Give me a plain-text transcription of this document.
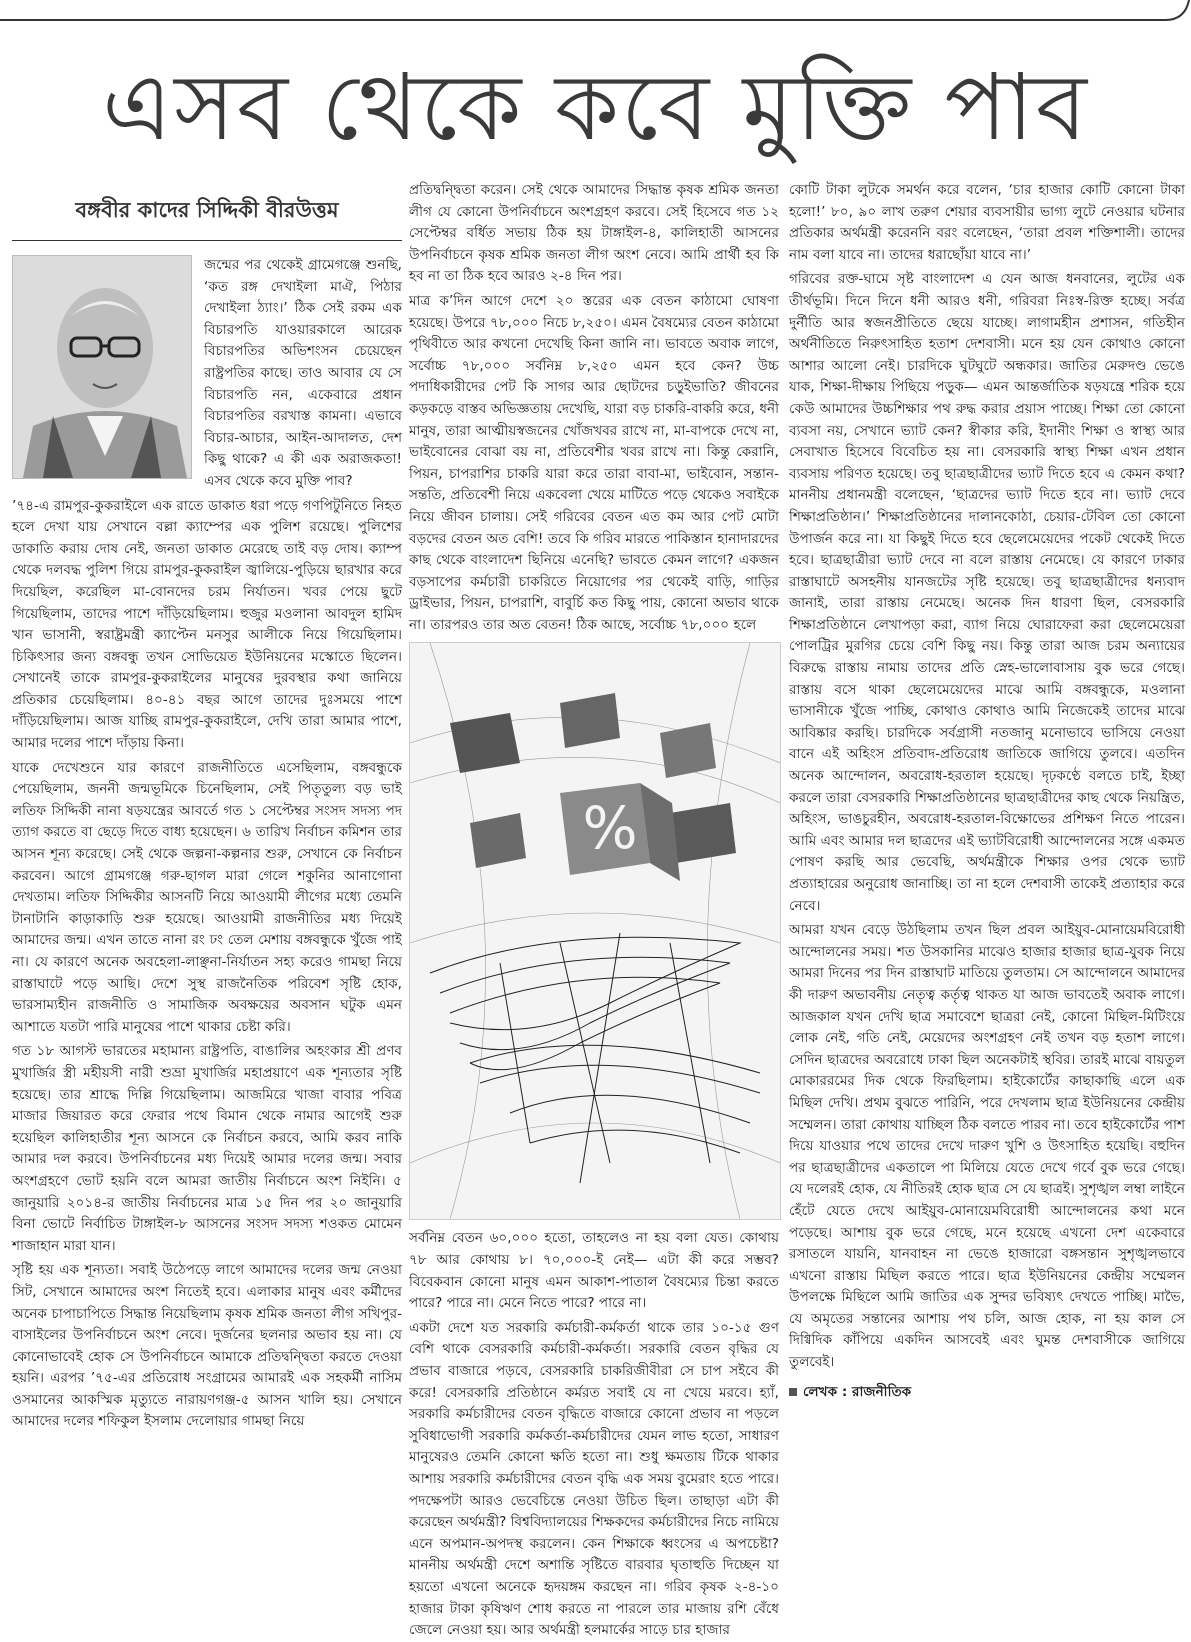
এসব থেকে কবে মুক্তি পাব
বঙ্গবীর কাদের সিদ্দিকী বীরউত্তম

জন্মের পর থেকেই গ্রামেগঞ্জে শুনছি, ‘কত রঙ্গ দেখাইলা মাঐ, পিঠার দেখাইলা ঠ্যাং।’ ঠিক সেই রকম এক বিচারপতি যাওয়ারকালে আরেক বিচারপতির অভিশংসন চেয়েছেন রাষ্ট্রপতির কাছে। তাও আবার যে সে বিচারপতি নন, একেবারে প্রধান বিচারপতির বরখাস্ত কামনা। এভাবে বিচার-আচার, আইন-আদালত, দেশ কিছু থাকে? এ কী এক অরাজকতা! এসব থেকে কবে মুক্তি পাব?

’৭৪-এ রামপুর-কুকরাইলে এক রাতে ডাকাত ধরা পড়ে গণপিটুনিতে নিহত হলে দেখা যায় সেখানে বল্লা ক্যাম্পের এক পুলিশ রয়েছে। পুলিশের ডাকাতি করায় দোষ নেই, জনতা ডাকাত মেরেছে তাই বড় দোষ। ক্যাম্প থেকে দলবদ্ধ পুলিশ গিয়ে রামপুর-কুকরাইল জ্বালিয়ে-পুড়িয়ে ছারখার করে দিয়েছিল, করেছিল মা-বোনদের চরম নির্যাতন। খবর পেয়ে ছুটে গিয়েছিলাম, তাদের পাশে দাঁড়িয়েছিলাম। হুজুর মওলানা আবদুল হামিদ খান ভাসানী, স্বরাষ্ট্রমন্ত্রী ক্যাপ্টেন মনসুর আলীকে নিয়ে গিয়েছিলাম। চিকিৎসার জন্য বঙ্গবন্ধু তখন সোভিয়েত ইউনিয়নের মস্কোতে ছিলেন। সেখানেই তাকে রামপুর-কুকরাইলের মানুষের দুরবস্থার কথা জানিয়ে প্রতিকার চেয়েছিলাম। ৪০-৪১ বছর আগে তাদের দুঃসময়ে পাশে দাঁড়িয়েছিলাম। আজ যাচ্ছি রামপুর-কুকরাইলে, দেখি তারা আমার পাশে, আমার দলের পাশে দাঁড়ায় কিনা।

যাকে দেখেশুনে যার কারণে রাজনীতিতে এসেছিলাম, বঙ্গবন্ধুকে পেয়েছিলাম, জননী জন্মভূমিকে চিনেছিলাম, সেই পিতৃতুল্য বড় ভাই লতিফ সিদ্দিকী নানা ষড়যন্ত্রের আবর্তে গত ১ সেপ্টেম্বর সংসদ সদস্য পদ ত্যাগ করতে বা ছেড়ে দিতে বাধ্য হয়েছেন। ৬ তারিখ নির্বাচন কমিশন তার আসন শূন্য করেছে। সেই থেকে জল্পনা-কল্পনার শুরু, সেখানে কে নির্বাচন করবেন। আগে গ্রামগঞ্জে গরু-ছাগল মারা গেলে শকুনির আনাগোনা দেখতাম। লতিফ সিদ্দিকীর আসনটি নিয়ে আওয়ামী লীগের মধ্যে তেমনি টানাটানি কাড়াকাড়ি শুরু হয়েছে। আওয়ামী রাজনীতির মধ্য দিয়েই আমাদের জন্ম। এখন তাতে নানা রং ঢং তেল মেশায় বঙ্গবন্ধুকে খুঁজে পাই না। যে কারণে অনেক অবহেলা-লাঞ্ছনা-নির্যাতন সহ্য করেও গামছা নিয়ে রাস্তাঘাটে পড়ে আছি। দেশে সুস্থ রাজনৈতিক পরিবেশ সৃষ্টি হোক, ভারসাম্যহীন রাজনীতি ও সামাজিক অবক্ষয়ের অবসান ঘটুক এমন আশাতে যতটা পারি মানুষের পাশে থাকার চেষ্টা করি।

গত ১৮ আগস্ট ভারতের মহামান্য রাষ্ট্রপতি, বাঙালির অহংকার শ্রী প্রণব মুখার্জির স্ত্রী মহীয়সী নারী শুভ্রা মুখার্জির মহাপ্রয়াণে এক শূন্যতার সৃষ্টি হয়েছে। তার শ্রাদ্ধে দিল্লি গিয়েছিলাম। আজমিরে খাজা বাবার পবিত্র মাজার জিয়ারত করে ফেরার পথে বিমান থেকে নামার আগেই শুরু হয়েছিল কালিহাতীর শূন্য আসনে কে নির্বাচন করবে, আমি করব নাকি আমার দল করবে। উপনির্বাচনের মধ্য দিয়েই আমার দলের জন্ম। সবার অংশগ্রহণে ভোট হয়নি বলে আমরা জাতীয় নির্বাচনে অংশ নিইনি। ৫ জানুয়ারি ২০১৪-র জাতীয় নির্বাচনের মাত্র ১৫ দিন পর ২০ জানুয়ারি বিনা ভোটে নির্বাচিত টাঙ্গাইল-৮ আসনের সংসদ সদস্য শওকত মোমেন শাজাহান মারা যান।

সৃষ্টি হয় এক শূন্যতা। সবাই উঠেপড়ে লাগে আমাদের দলের জন্ম নেওয়া সিট, সেখানে আমাদের অংশ নিতেই হবে। এলাকার মানুষ এবং কর্মীদের অনেক চাপাচাপিতে সিদ্ধান্ত নিয়েছিলাম কৃষক শ্রমিক জনতা লীগ সখিপুর-বাসাইলের উপনির্বাচনে অংশ নেবে। দুর্জনের ছলনার অভাব হয় না। যে কোনোভাবেই হোক সে উপনির্বাচনে আমাকে প্রতিদ্বন্দ্বিতা করতে দেওয়া হয়নি। এরপর ’৭৫-এর প্রতিরোধ সংগ্রামের আমারই এক সহকর্মী নাসিম ওসমানের আকস্মিক মৃত্যুতে নারায়ণগঞ্জ-৫ আসন খালি হয়। সেখানে আমাদের দলের শফিকুল ইসলাম দেলোয়ার গামছা নিয়ে

প্রতিদ্বন্দ্বিতা করেন। সেই থেকে আমাদের সিদ্ধান্ত কৃষক শ্রমিক জনতা লীগ যে কোনো উপনির্বাচনে অংশগ্রহণ করবে। সেই হিসেবে গত ১২ সেপ্টেম্বর বর্ধিত সভায় ঠিক হয় টাঙ্গাইল-৪, কালিহাতী আসনের উপনির্বাচনে কৃষক শ্রমিক জনতা লীগ অংশ নেবে। আমি প্রার্থী হব কি হব না তা ঠিক হবে আরও ২-৪ দিন পর।

মাত্র ক’দিন আগে দেশে ২০ স্তরের এক বেতন কাঠামো ঘোষণা হয়েছে। উপরে ৭৮,০০০ নিচে ৮,২৫০। এমন বৈষম্যের বেতন কাঠামো পৃথিবীতে আর কখনো দেখেছি কিনা জানি না। ভাবতে অবাক লাগে, সর্বোচ্চ ৭৮,০০০ সর্বনিম্ন ৮,২৫০ এমন হবে কেন? উচ্চ পদাধিকারীদের পেট কি সাগর আর ছোটদের চড়ুইভাতি? জীবনের কড়কড়ে বাস্তব অভিজ্ঞতায় দেখেছি, যারা বড় চাকরি-বাকরি করে, ধনী মানুষ, তারা আত্মীয়স্বজনের খোঁজখবর রাখে না, মা-বাপকে দেখে না, ভাইবোনের বোঝা বয় না, প্রতিবেশীর খবর রাখে না। কিন্তু কেরানি, পিয়ন, চাপরাশির চাকরি যারা করে তারা বাবা-মা, ভাইবোন, সন্তান-সন্ততি, প্রতিবেশী নিয়ে একবেলা খেয়ে মাটিতে পড়ে থেকেও সবাইকে নিয়ে জীবন চালায়। সেই গরিবের বেতন এত কম আর পেট মোটা বড়দের বেতন অত বেশি! তবে কি গরিব মারতে পাকিস্তান হানাদারদের কাছ থেকে বাংলাদেশ ছিনিয়ে এনেছি? ভাবতে কেমন লাগে? একজন বড়সাপের কর্মচারী চাকরিতে নিয়োগের পর থেকেই বাড়ি, গাড়ির ড্রাইভার, পিয়ন, চাপরাশি, বাবুর্চি কত কিছু পায়, কোনো অভাব থাকে না। তারপরও তার অত বেতন! ঠিক আছে, সর্বোচ্চ ৭৮,০০০ হলে

%

সর্বনিম্ন বেতন ৬০,০০০ হতো, তাহলেও না হয় বলা যেত। কোথায় ৭৮ আর কোথায় ৮। ৭০,০০০-ই নেই— এটা কী করে সম্ভব? বিবেকবান কোনো মানুষ এমন আকাশ-পাতাল বৈষম্যের চিন্তা করতে পারে? পারে না। মেনে নিতে পারে? পারে না।

একটা দেশে যত সরকারি কর্মচারী-কর্মকর্তা থাকে তার ১০-১৫ গুণ বেশি থাকে বেসরকারি কর্মচারী-কর্মকর্তা। সরকারি বেতন বৃদ্ধির যে প্রভাব বাজারে পড়বে, বেসরকারি চাকরিজীবীরা সে চাপ সইবে কী করে! বেসরকারি প্রতিষ্ঠানে কর্মরত সবাই যে না খেয়ে মরবে। হ্যাঁ, সরকারি কর্মচারীদের বেতন বৃদ্ধিতে বাজারে কোনো প্রভাব না পড়লে সুবিধাভোগী সরকারি কর্মকর্তা-কর্মচারীদের যেমন লাভ হতো, সাধারণ মানুষেরও তেমনি কোনো ক্ষতি হতো না। শুধু ক্ষমতায় টিকে থাকার আশায় সরকারি কর্মচারীদের বেতন বৃদ্ধি এক সময় বুমেরাং হতে পারে। পদক্ষেপটা আরও ভেবেচিন্তে নেওয়া উচিত ছিল। তাছাড়া এটা কী করেছেন অর্থমন্ত্রী? বিশ্ববিদ্যালয়ের শিক্ষকদের কর্মচারীদের নিচে নামিয়ে এনে অপমান-অপদস্থ করলেন। কেন শিক্ষাকে ধ্বংসের এ অপচেষ্টা? মাননীয় অর্থমন্ত্রী দেশে অশান্তি সৃষ্টিতে বারবার ঘৃতাহুতি দিচ্ছেন যা হয়তো এখনো অনেকে হৃদয়ঙ্গম করছেন না। গরিব কৃষক ২-৪-১০ হাজার টাকা কৃষিঋণ শোধ করতে না পারলে তার মাজায় রশি বেঁধে জেলে নেওয়া হয়। আর অর্থমন্ত্রী হলমার্কের সাড়ে চার হাজার

কোটি টাকা লুটকে সমর্থন করে বলেন, ‘চার হাজার কোটি কোনো টাকা হলো!’ ৮০, ৯০ লাখ তরুণ শেয়ার ব্যবসায়ীর ভাগ্য লুটে নেওয়ার ঘটনার প্রতিকার অর্থমন্ত্রী করেননি বরং বলেছেন, ‘তারা প্রবল শক্তিশালী। তাদের নাম বলা যাবে না। তাদের ধরাছোঁয়া যাবে না।’

গরিবের রক্ত-ঘামে সৃষ্ট বাংলাদেশ এ যেন আজ ধনবানের, লুটের এক তীর্থভূমি। দিনে দিনে ধনী আরও ধনী, গরিবরা নিঃস্ব-রিক্ত হচ্ছে। সর্বত্র দুর্নীতি আর স্বজনপ্রীতিতে ছেয়ে যাচ্ছে। লাগামহীন প্রশাসন, গতিহীন অর্থনীতিতে নিরুৎসাহিত হতাশ দেশবাসী। মনে হয় যেন কোথাও কোনো আশার আলো নেই। চারদিকে ঘুটঘুটে অন্ধকার। জাতির মেরুদণ্ড ভেঙে যাক, শিক্ষা-দীক্ষায় পিছিয়ে পড়ুক— এমন আন্তর্জাতিক ষড়যন্ত্রে শরিক হয়ে কেউ আমাদের উচ্চশিক্ষার পথ রুদ্ধ করার প্রয়াস পাচ্ছে। শিক্ষা তো কোনো ব্যবসা নয়, সেখানে ভ্যাট কেন? স্বীকার করি, ইদানীং শিক্ষা ও স্বাস্থ্য আর সেবাখাত হিসেবে বিবেচিত হয় না। বেসরকারি স্বাস্থ্য শিক্ষা এখন প্রধান ব্যবসায় পরিণত হয়েছে। তবু ছাত্রছাত্রীদের ভ্যাট দিতে হবে এ কেমন কথা? মাননীয় প্রধানমন্ত্রী বলেছেন, ‘ছাত্রদের ভ্যাট দিতে হবে না। ভ্যাট দেবে শিক্ষাপ্রতিষ্ঠান।’ শিক্ষাপ্রতিষ্ঠানের দালানকোঠা, চেয়ার-টেবিল তো কোনো উপার্জন করে না। যা কিছুই দিতে হবে ছেলেমেয়েদের পকেট থেকেই দিতে হবে। ছাত্রছাত্রীরা ভ্যাট দেবে না বলে রাস্তায় নেমেছে। যে কারণে ঢাকার রাস্তাঘাটে অসহনীয় যানজটের সৃষ্টি হয়েছে। তবু ছাত্রছাত্রীদের ধন্যবাদ জানাই, তারা রাস্তায় নেমেছে। অনেক দিন ধারণা ছিল, বেসরকারি শিক্ষাপ্রতিষ্ঠানে লেখাপড়া করা, ব্যাগ নিয়ে ঘোরাফেরা করা ছেলেমেয়েরা পোলট্রির মুরগির চেয়ে বেশি কিছু নয়। কিন্তু তারা আজ চরম অন্যায়ের বিরুদ্ধে রাস্তায় নামায় তাদের প্রতি স্নেহ-ভালোবাসায় বুক ভরে গেছে। রাস্তায় বসে থাকা ছেলেমেয়েদের মাঝে আমি বঙ্গবন্ধুকে, মওলানা ভাসানীকে খুঁজে পাচ্ছি, কোথাও কোথাও আমি নিজেকেই তাদের মাঝে আবিষ্কার করছি। চারদিকে সর্বগ্রাসী নতজানু মনোভাবে ভাসিয়ে নেওয়া বানে এই অহিংস প্রতিবাদ-প্রতিরোধ জাতিকে জাগিয়ে তুলবে। এতদিন অনেক আন্দোলন, অবরোধ-হরতাল হয়েছে। দৃঢ়কণ্ঠে বলতে চাই, ইচ্ছা করলে তারা বেসরকারি শিক্ষাপ্রতিষ্ঠানের ছাত্রছাত্রীদের কাছ থেকে নিয়ন্ত্রিত, অহিংস, ভাঙচুরহীন, অবরোধ-হরতাল-বিক্ষোভের প্রশিক্ষণ নিতে পারেন। আমি এবং আমার দল ছাত্রদের এই ভ্যাটবিরোধী আন্দোলনের সঙ্গে একমত পোষণ করছি আর ভেবেছি, অর্থমন্ত্রীকে শিক্ষার ওপর থেকে ভ্যাট প্রত্যাহারের অনুরোধ জানাচ্ছি। তা না হলে দেশবাসী তাকেই প্রত্যাহার করে নেবে।

আমরা যখন বেড়ে উঠছিলাম তখন ছিল প্রবল আইয়ুব-মোনায়েমবিরোধী আন্দোলনের সময়। শত উসকানির মাঝেও হাজার হাজার ছাত্র-যুবক নিয়ে আমরা দিনের পর দিন রাস্তাঘাট মাতিয়ে তুলতাম। সে আন্দোলনে আমাদের কী দারুণ অভাবনীয় নেতৃত্ব কর্তৃত্ব থাকত যা আজ ভাবতেই অবাক লাগে। আজকাল যখন দেখি ছাত্র সমাবেশে ছাত্ররা নেই, কোনো মিছিল-মিটিংয়ে লোক নেই, গতি নেই, মেয়েদের অংশগ্রহণ নেই তখন বড় হতাশ লাগে। সেদিন ছাত্রদের অবরোধে ঢাকা ছিল অনেকটাই স্থবির। তারই মাঝে বায়তুল মোকাররমের দিক থেকে ফিরছিলাম। হাইকোর্টের কাছাকাছি এলে এক মিছিল দেখি। প্রথম বুঝতে পারিনি, পরে দেখলাম ছাত্র ইউনিয়নের কেন্দ্রীয় সম্মেলন। তারা কোথায় যাচ্ছিল ঠিক বলতে পারব না। তবে হাইকোর্টের পাশ দিয়ে যাওয়ার পথে তাদের দেখে দারুণ খুশি ও উৎসাহিত হয়েছি। বহুদিন পর ছাত্রছাত্রীদের একতালে পা মিলিয়ে যেতে দেখে গর্বে বুক ভরে গেছে। যে দলেরই হোক, যে নীতিরই হোক ছাত্র সে যে ছাত্রই। সুশৃঙ্খল লম্বা লাইনে হেঁটে যেতে দেখে আইয়ুব-মোনায়েমবিরোধী আন্দোলনের কথা মনে পড়েছে। আশায় বুক ভরে গেছে, মনে হয়েছে এখনো দেশ একেবারে রসাতলে যায়নি, যানবাহন না ভেঙে হাজারো বঙ্গসন্তান সুশৃঙ্খলভাবে এখনো রাস্তায় মিছিল করতে পারে। ছাত্র ইউনিয়নের কেন্দ্রীয় সম্মেলন উপলক্ষে মিছিলে আমি জাতির এক সুন্দর ভবিষ্যৎ দেখতে পাচ্ছি। মাভৈ, যে অমৃতের সন্তানের আশায় পথ চলি, আজ হোক, না হয় কাল সে দিগ্বিদিক কাঁপিয়ে একদিন আসবেই এবং ঘুমন্ত দেশবাসীকে জাগিয়ে তুলবেই।

লেখক : রাজনীতিক
